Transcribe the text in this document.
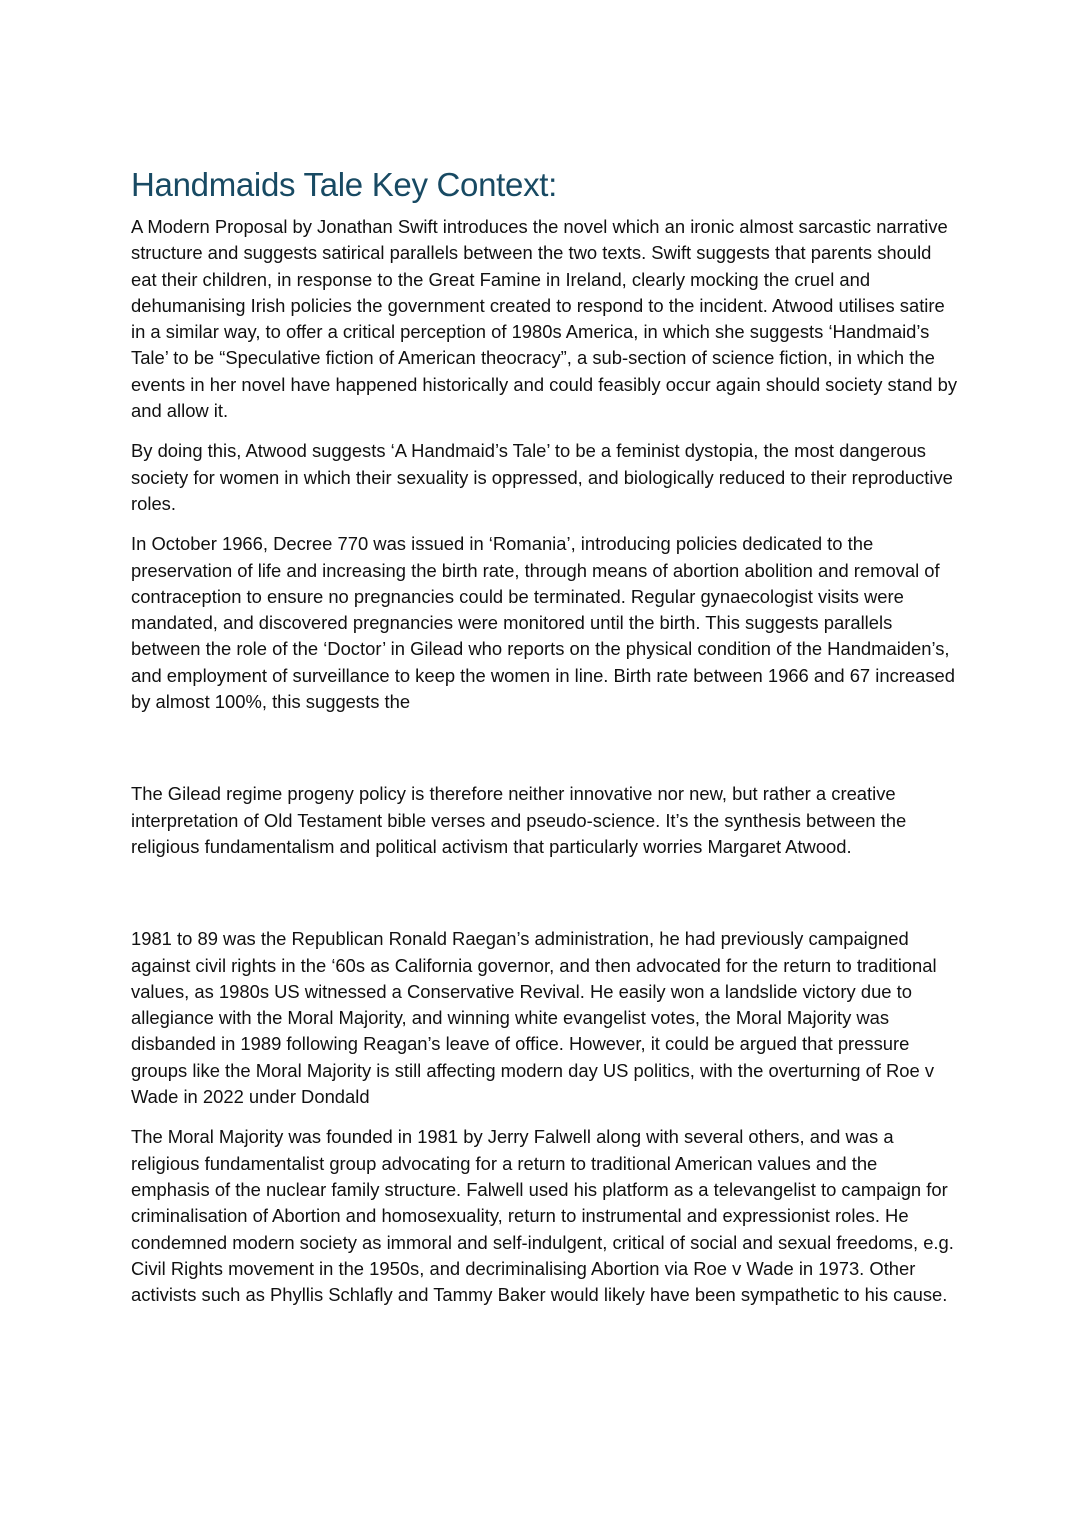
Handmaids Tale Key Context:

A Modern Proposal by Jonathan Swift introduces the novel which an ironic almost sarcastic narrative structure and suggests satirical parallels between the two texts. Swift suggests that parents should eat their children, in response to the Great Famine in Ireland, clearly mocking the cruel and dehumanising Irish policies the government created to respond to the incident. Atwood utilises satire in a similar way, to offer a critical perception of 1980s America, in which she suggests ‘Handmaid’s Tale’ to be “Speculative fiction of American theocracy”, a sub-section of science fiction, in which the events in her novel have happened historically and could feasibly occur again should society stand by and allow it.

By doing this, Atwood suggests ‘A Handmaid’s Tale’ to be a feminist dystopia, the most dangerous society for women in which their sexuality is oppressed, and biologically reduced to their reproductive roles.

In October 1966, Decree 770 was issued in ‘Romania’, introducing policies dedicated to the preservation of life and increasing the birth rate, through means of abortion abolition and removal of contraception to ensure no pregnancies could be terminated. Regular gynaecologist visits were mandated, and discovered pregnancies were monitored until the birth. This suggests parallels between the role of the ‘Doctor’ in Gilead who reports on the physical condition of the Handmaiden’s, and employment of surveillance to keep the women in line. Birth rate between 1966 and 67 increased by almost 100%, this suggests the

The Gilead regime progeny policy is therefore neither innovative nor new, but rather a creative interpretation of Old Testament bible verses and pseudo-science. It’s the synthesis between the religious fundamentalism and political activism that particularly worries Margaret Atwood.

1981 to 89 was the Republican Ronald Raegan’s administration, he had previously campaigned against civil rights in the ‘60s as California governor, and then advocated for the return to traditional values, as 1980s US witnessed a Conservative Revival. He easily won a landslide victory due to allegiance with the Moral Majority, and winning white evangelist votes, the Moral Majority was disbanded in 1989 following Reagan’s leave of office. However, it could be argued that pressure groups like the Moral Majority is still affecting modern day US politics, with the overturning of Roe v Wade in 2022 under Dondald

The Moral Majority was founded in 1981 by Jerry Falwell along with several others, and was a religious fundamentalist group advocating for a return to traditional American values and the emphasis of the nuclear family structure. Falwell used his platform as a televangelist to campaign for criminalisation of Abortion and homosexuality, return to instrumental and expressionist roles. He condemned modern society as immoral and self-indulgent, critical of social and sexual freedoms, e.g. Civil Rights movement in the 1950s, and decriminalising Abortion via Roe v Wade in 1973. Other activists such as Phyllis Schlafly and Tammy Baker would likely have been sympathetic to his cause.
